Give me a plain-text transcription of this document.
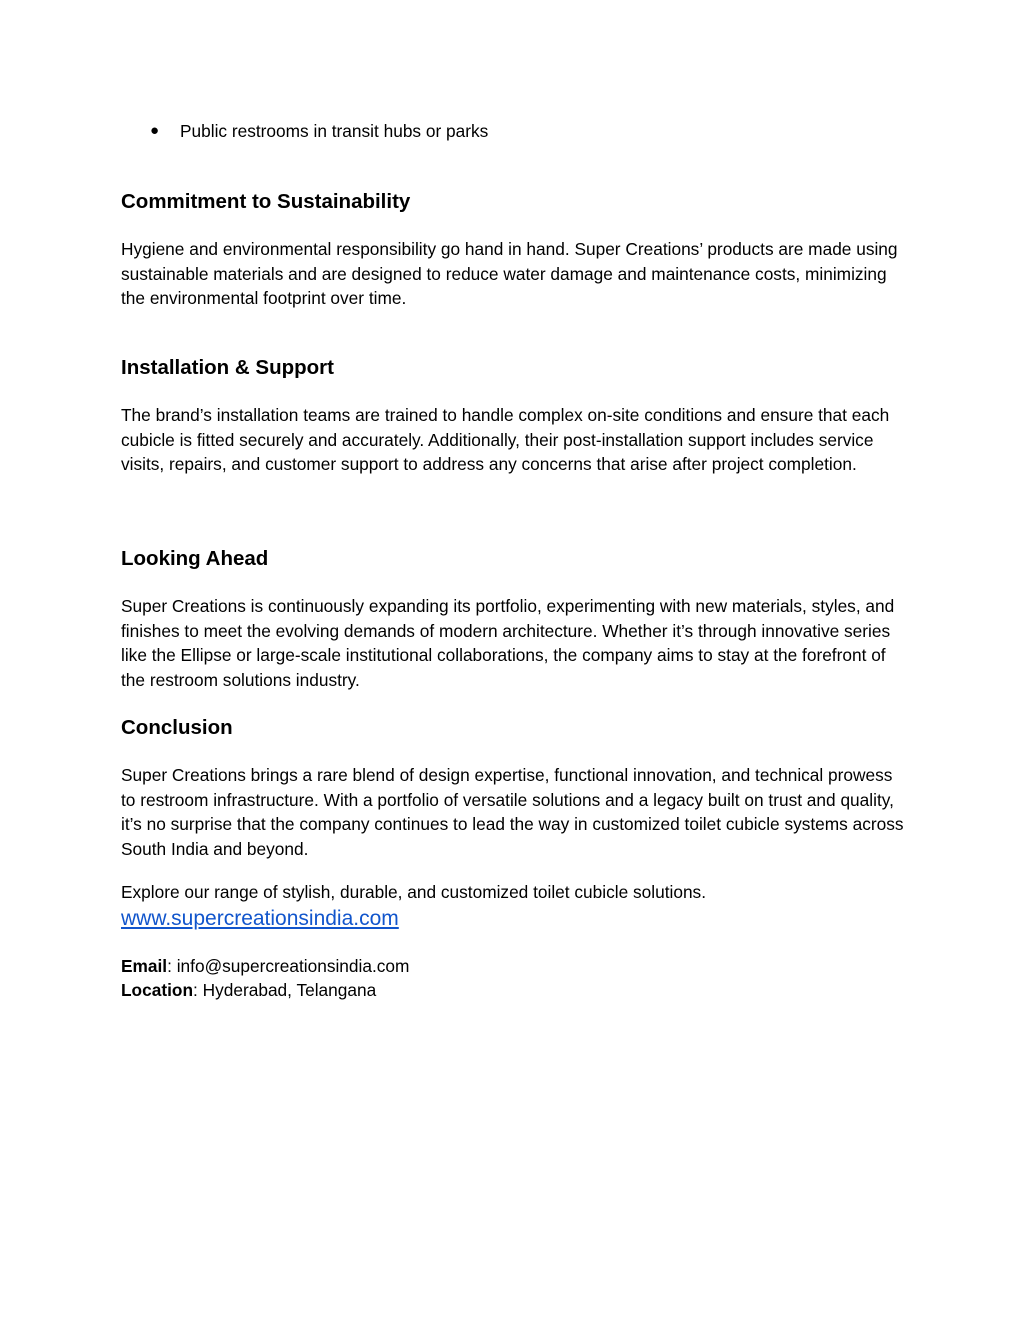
●	Public restrooms in transit hubs or parks
Commitment to Sustainability

Hygiene and environmental responsibility go hand in hand. Super Creations’ products are made using sustainable materials and are designed to reduce water damage and maintenance costs, minimizing the environmental footprint over time.

Installation & Support

The brand’s installation teams are trained to handle complex on-site conditions and ensure that each cubicle is fitted securely and accurately. Additionally, their post-installation support includes service visits, repairs, and customer support to address any concerns that arise after project completion.

Looking Ahead

Super Creations is continuously expanding its portfolio, experimenting with new materials, styles, and finishes to meet the evolving demands of modern architecture. Whether it’s through innovative series like the Ellipse or large-scale institutional collaborations, the company aims to stay at the forefront of the restroom solutions industry.

Conclusion

Super Creations brings a rare blend of design expertise, functional innovation, and technical prowess to restroom infrastructure. With a portfolio of versatile solutions and a legacy built on trust and quality, it’s no surprise that the company continues to lead the way in customized toilet cubicle systems across South India and beyond.

Explore our range of stylish, durable, and customized toilet cubicle solutions.

www.supercreationsindia.com
Email: info@supercreationsindia.com
Location: Hyderabad, Telangana
